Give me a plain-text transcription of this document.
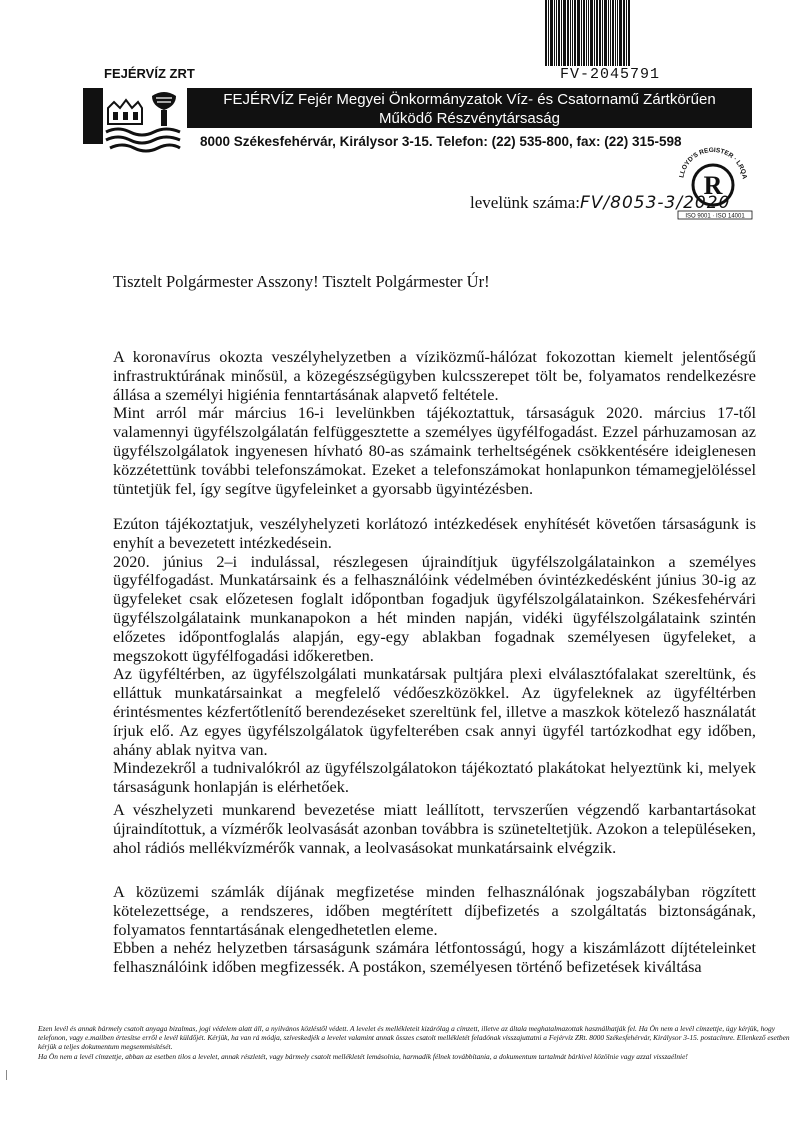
FV-2045791
FEJÉRVÍZ ZRT
FEJÉRVÍZ Fejér Megyei Önkormányzatok Víz- és Csatornamű Zártkörűen
Működő Részvénytársaság
8000 Székesfehérvár, Királysor 3-15. Telefon: (22) 535-800, fax: (22) 315-598
LLOYD'S REGISTER · LRQA
R
ISO 9001 · ISO 14001
levelünk száma:FV/8053-3/2020
Tisztelt Polgármester Asszony! Tisztelt Polgármester Úr!

A koronavírus okozta veszélyhelyzetben a víziközmű-hálózat fokozottan kiemelt jelentőségű infrastruktúrának minősül, a közegészségügyben kulcsszerepet tölt be, folyamatos rendelkezésre állása a személyi higiénia fenntartásának alapvető feltétele.

Mint arról már március 16-i levelünkben tájékoztattuk, társaságuk 2020. március 17-től valamennyi ügyfélszolgálatán felfüggesztette a személyes ügyfélfogadást. Ezzel párhuzamosan az ügyfélszolgálatok ingyenesen hívható 80-as számaink terheltségének csökkentésére ideiglenesen közzétettünk további telefonszámokat. Ezeket a telefonszámokat honlapunkon témamegjelöléssel tüntetjük fel, így segítve ügyfeleinket a gyorsabb ügyintézésben.

Ezúton tájékoztatjuk, veszélyhelyzeti korlátozó intézkedések enyhítését követően társaságunk is enyhít a bevezetett intézkedésein.

2020. június 2–i indulással, részlegesen újraindítjuk ügyfélszolgálatainkon a személyes ügyfélfogadást. Munkatársaink és a felhasználóink védelmében óvintézkedésként június 30-ig az ügyfeleket csak előzetesen foglalt időpontban fogadjuk ügyfélszolgálatainkon. Székesfehérvári ügyfélszolgálataink munkanapokon a hét minden napján, vidéki ügyfélszolgálataink szintén előzetes időpontfoglalás alapján, egy-egy ablakban fogadnak személyesen ügyfeleket, a megszokott ügyfélfogadási időkeretben.

Az ügyféltérben, az ügyfélszolgálati munkatársak pultjára plexi elválasztófalakat szereltünk, és elláttuk munkatársainkat a megfelelő védőeszközökkel. Az ügyfeleknek az ügyféltérben érintésmentes kézfertőtlenítő berendezéseket szereltünk fel, illetve a maszkok kötelező használatát írjuk elő. Az egyes ügyfélszolgálatok ügyfelterében csak annyi ügyfél tartózkodhat egy időben, ahány ablak nyitva van.

Mindezekről a tudnivalókról az ügyfélszolgálatokon tájékoztató plakátokat helyeztünk ki, melyek társaságunk honlapján is elérhetőek.

A vészhelyzeti munkarend bevezetése miatt leállított, tervszerűen végzendő karbantartásokat újraindítottuk, a vízmérők leolvasását azonban továbbra is szüneteltetjük. Azokon a településeken, ahol rádiós mellékvízmérők vannak, a leolvasásokat munkatársaink elvégzik.

A közüzemi számlák díjának megfizetése minden felhasználónak jogszabályban rögzített kötelezettsége, a rendszeres, időben megtérített díjbefizetés a szolgáltatás biztonságának, folyamatos fenntartásának elengedhetetlen eleme.

Ebben a nehéz helyzetben társaságunk számára létfontosságú, hogy a kiszámlázott díjtételeinket felhasználóink időben megfizessék. A postákon, személyesen történő befizetések kiváltása

Ezen levél és annak bármely csatolt anyaga bizalmas, jogi védelem alatt áll, a nyilvános közléstől védett. A levelet és mellékleteit kizárólag a címzett, illetve az általa meghatalmazottak használhatják fel. Ha Ön nem a levél címzettje, úgy kérjük, hogy telefonon, vagy e.mailben értesítse erről e levél küldőjét. Kérjük, ha van rá módja, szíveskedjék a levelet valamint annak összes csatolt mellékletét feladónak visszajuttatni a Fejérvíz ZRt. 8000 Székesfehérvár, Királysor 3-15. postacímre. Ellenkező esetben kérjük a teljes dokumentum megsemmisítését.

Ha Ön nem a levél címzettje, abban az esetben tilos a levelet, annak részletét, vagy bármely csatolt mellékletét lemásolnia, harmadik félnek továbbítania, a dokumentum tartalmát bárkivel közölnie vagy azzal visszaélnie!
